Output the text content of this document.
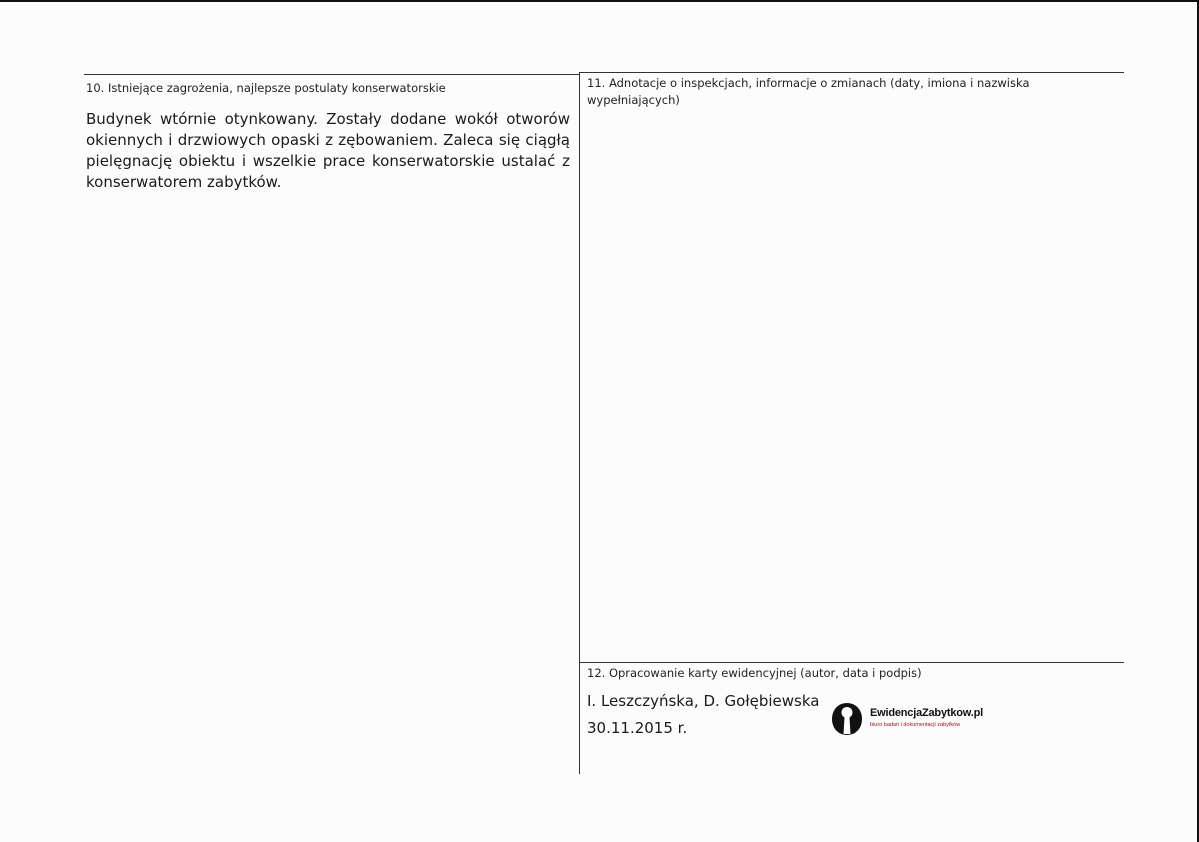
10. Istniejące zagrożenia, najlepsze postulaty konserwatorskie
Budynek wtórnie otynkowany. Zostały dodane wokół otworów okiennych i drzwiowych opaski z zębowaniem. Zaleca się ciągłą pielęgnację obiektu i wszelkie prace konserwatorskie ustalać z konserwatorem zabytków.
11. Adnotacje o inspekcjach, informacje o zmianach (daty, imiona i nazwiska wypełniających)
12. Opracowanie karty ewidencyjnej (autor, data i podpis)
I. Leszczyńska, D. Gołębiewska
30.11.2015 r.
EwidencjaZabytkow.pl
biuro badań i dokumentacji zabytków
